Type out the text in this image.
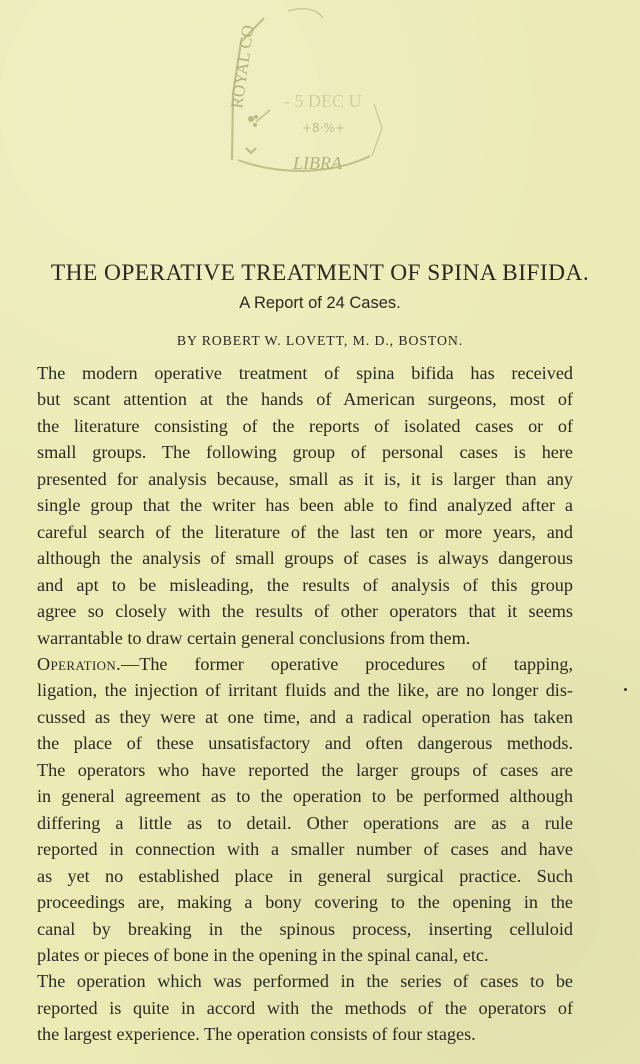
ROYAL CO - 5 DEC U
LIBRA
+8·%+
THE OPERATIVE TREATMENT OF SPINA BIFIDA.

A Report of 24 Cases.

BY ROBERT W. LOVETT, M. D., BOSTON.

The modern operative treatment of spina bifida has received
but scant attention at the hands of American surgeons, most of
the literature consisting of the reports of isolated cases or of
small groups. The following group of personal cases is here
presented for analysis because, small as it is, it is larger than any
single group that the writer has been able to find analyzed after a
careful search of the literature of the last ten or more years, and
although the analysis of small groups of cases is always dangerous
and apt to be misleading, the results of analysis of this group
agree so closely with the results of other operators that it seems
warrantable to draw certain general conclusions from them.
Operation.—The former operative procedures of tapping,
ligation, the injection of irritant fluids and the like, are no longer dis-
cussed as they were at one time, and a radical operation has taken
the place of these unsatisfactory and often dangerous methods.
The operators who have reported the larger groups of cases are
in general agreement as to the operation to be performed although
differing a little as to detail. Other operations are as a rule
reported in connection with a smaller number of cases and have
as yet no established place in general surgical practice. Such
proceedings are, making a bony covering to the opening in the
canal by breaking in the spinous process, inserting celluloid
plates or pieces of bone in the opening in the spinal canal, etc.
The operation which was performed in the series of cases to be
reported is quite in accord with the methods of the operators of
the largest experience. The operation consists of four stages.
